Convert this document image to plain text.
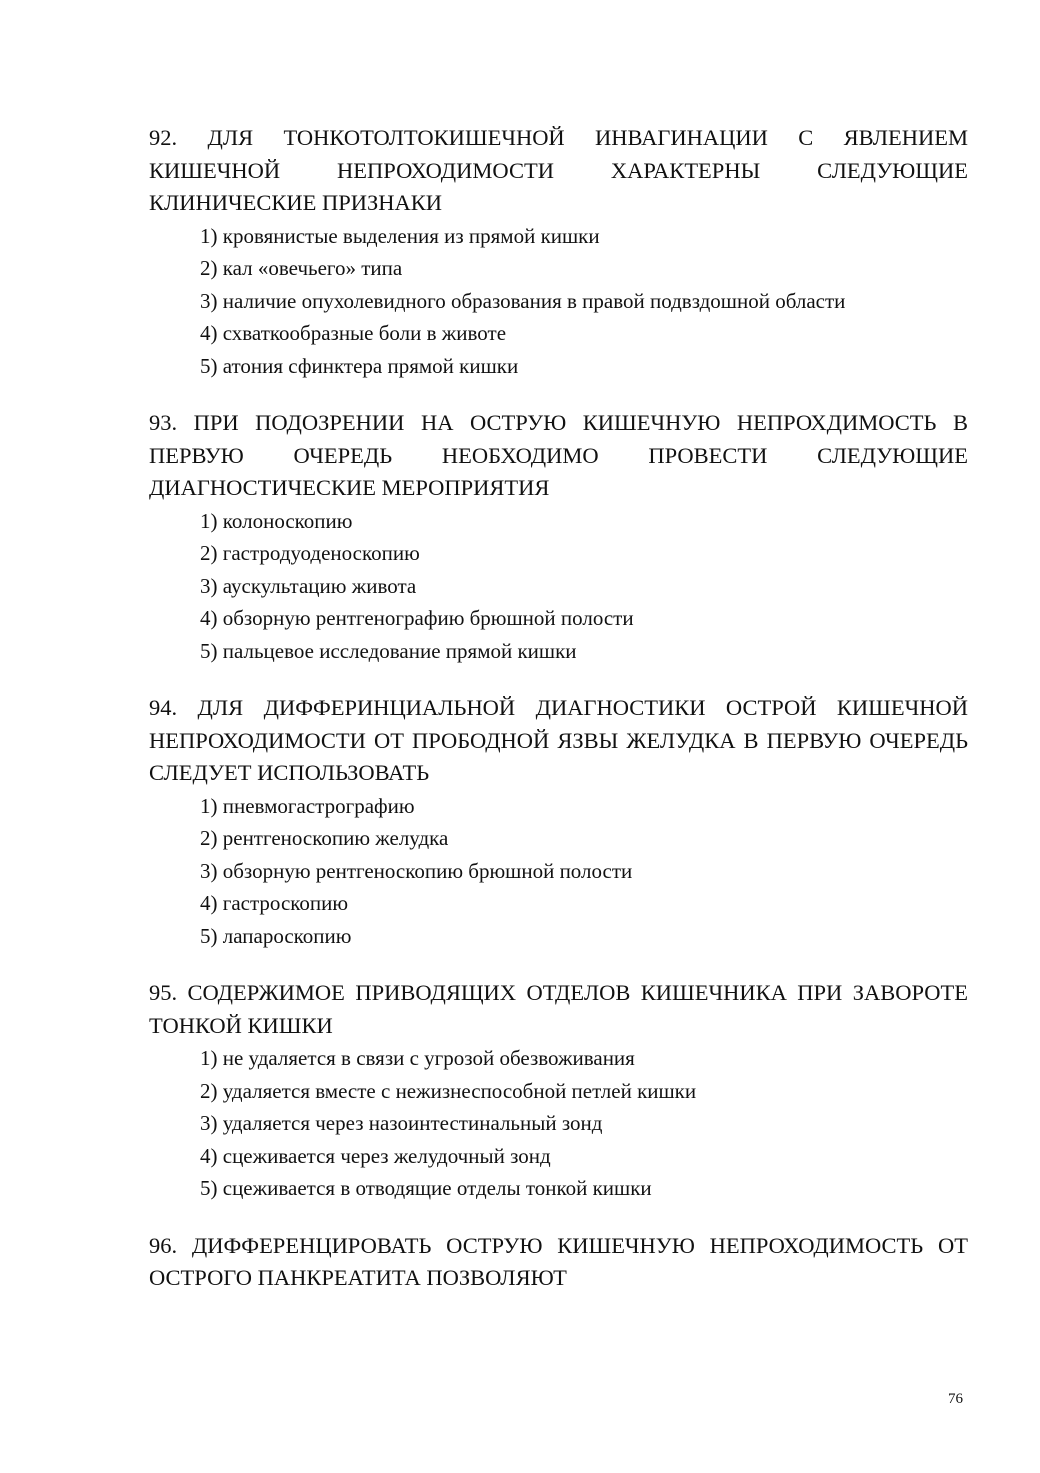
92. ДЛЯ ТОНКОТОЛТОКИШЕЧНОЙ ИНВАГИНАЦИИ С ЯВЛЕНИЕМ КИШЕЧНОЙ НЕПРОХОДИМОСТИ ХАРАКТЕРНЫ СЛЕДУЮЩИЕ КЛИНИЧЕСКИЕ ПРИЗНАКИ

1) кровянистые выделения из прямой кишки
2) кал «овечьего» типа
3) наличие опухолевидного образования в правой подвздошной области
4) схваткообразные боли в животе
5) атония сфинктера прямой кишки

93. ПРИ ПОДОЗРЕНИИ НА ОСТРУЮ КИШЕЧНУЮ НЕПРОХДИМОСТЬ В ПЕРВУЮ ОЧЕРЕДЬ НЕОБХОДИМО ПРОВЕСТИ СЛЕДУЮЩИЕ ДИАГНОСТИЧЕСКИЕ МЕРОПРИЯТИЯ

1) колоноскопию
2) гастродуоденоскопию
3) аускультацию живота
4) обзорную рентгенографию брюшной полости
5) пальцевое исследование прямой кишки

94. ДЛЯ ДИФФЕРИНЦИАЛЬНОЙ ДИАГНОСТИКИ ОСТРОЙ КИШЕЧНОЙ НЕПРОХОДИМОСТИ ОТ ПРОБОДНОЙ ЯЗВЫ ЖЕЛУДКА В ПЕРВУЮ ОЧЕРЕДЬ СЛЕДУЕТ ИСПОЛЬЗОВАТЬ

1) пневмогастрографию
2) рентгеноскопию желудка
3) обзорную рентгеноскопию брюшной полости
4) гастроскопию
5) лапароскопию

95. СОДЕРЖИМОЕ ПРИВОДЯЩИХ ОТДЕЛОВ КИШЕЧНИКА ПРИ ЗАВОРОТЕ ТОНКОЙ КИШКИ

1) не удаляется в связи с угрозой обезвоживания
2) удаляется вместе с нежизнеспособной петлей кишки
3) удаляется через назоинтестинальный зонд
4) сцеживается через желудочный зонд
5) сцеживается в отводящие отделы тонкой кишки

96. ДИФФЕРЕНЦИРОВАТЬ ОСТРУЮ КИШЕЧНУЮ НЕПРОХОДИМОСТЬ ОТ ОСТРОГО ПАНКРЕАТИТА ПОЗВОЛЯЮТ

76
